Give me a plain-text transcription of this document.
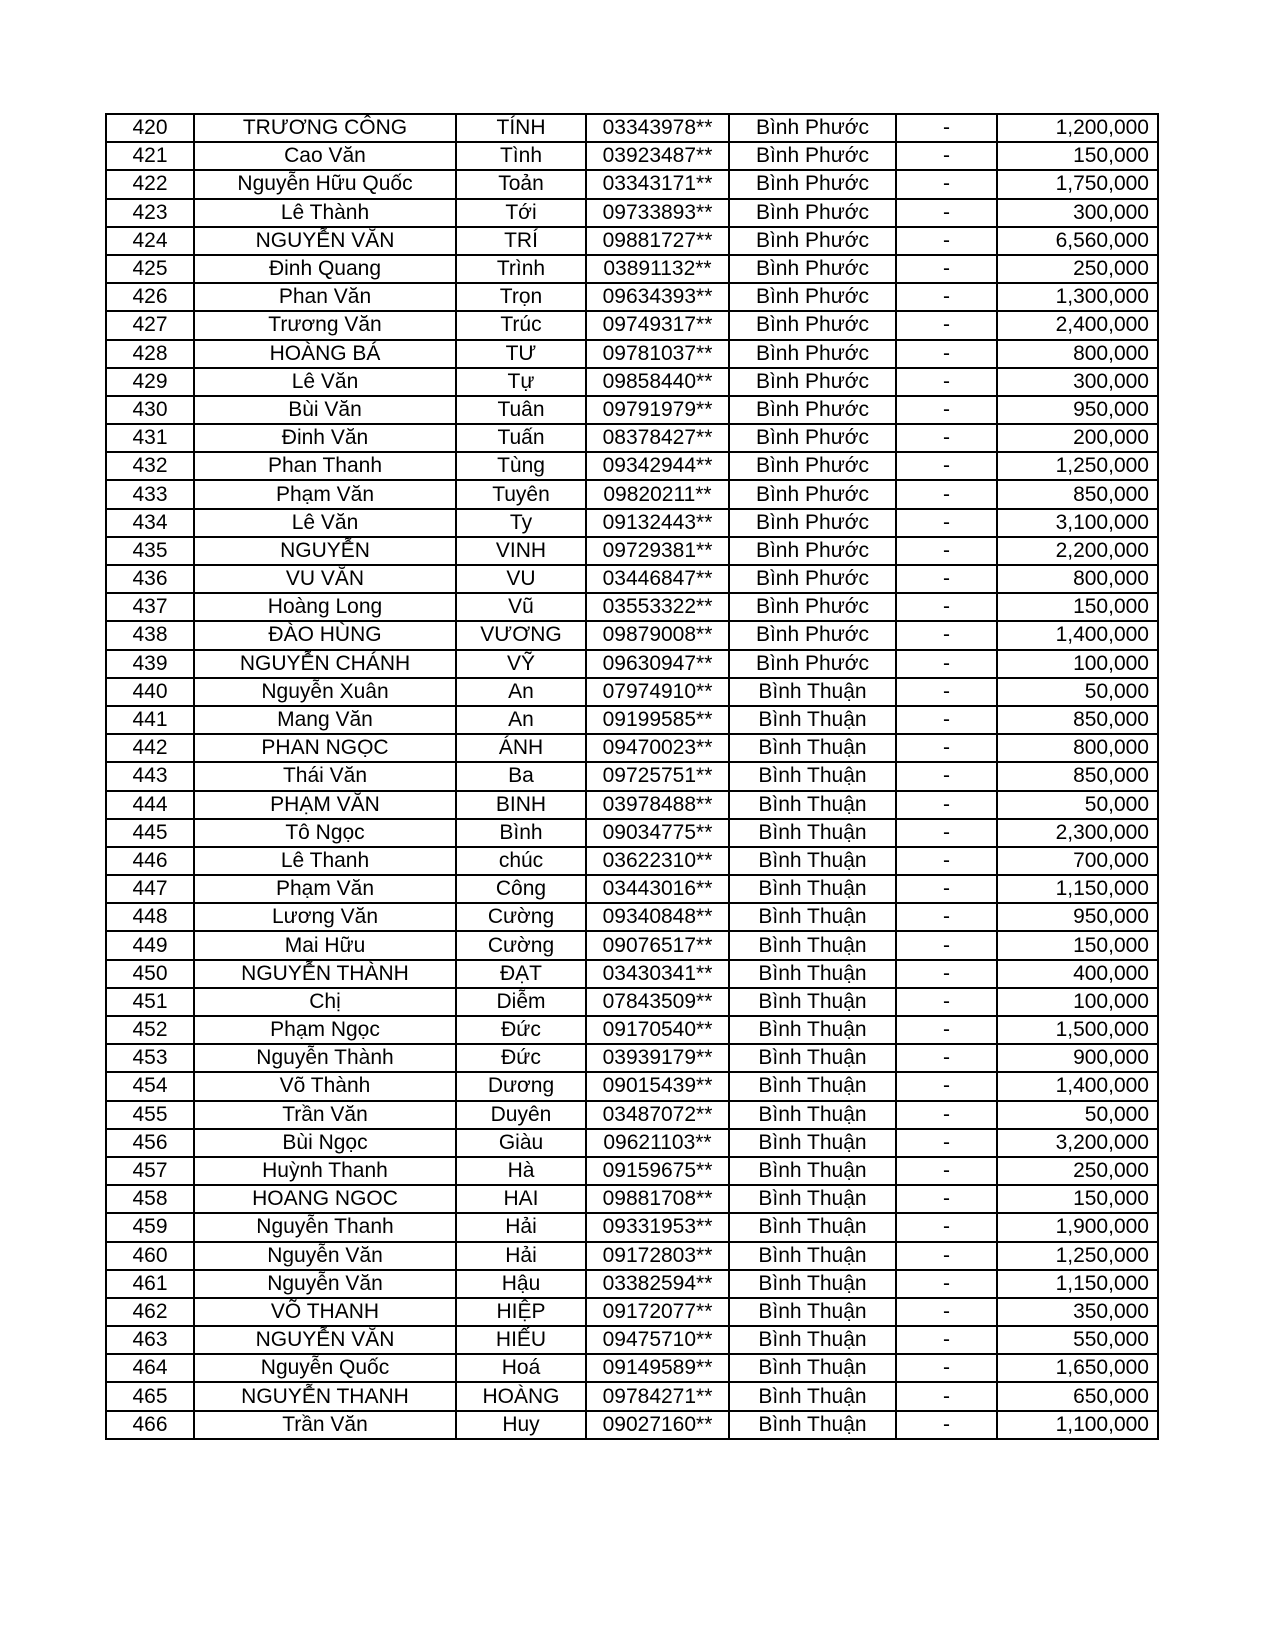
420	TRƯƠNG CÔNG	TÍNH	03343978**	Bình Phước	-	1,200,000
421	Cao Văn	Tình	03923487**	Bình Phước	-	150,000
422	Nguyễn Hữu Quốc	Toản	03343171**	Bình Phước	-	1,750,000
423	Lê Thành	Tới	09733893**	Bình Phước	-	300,000
424	NGUYỄN VĂN	TRÍ	09881727**	Bình Phước	-	6,560,000
425	Đinh Quang	Trình	03891132**	Bình Phước	-	250,000
426	Phan Văn	Trọn	09634393**	Bình Phước	-	1,300,000
427	Trương Văn	Trúc	09749317**	Bình Phước	-	2,400,000
428	HOÀNG BÁ	TƯ	09781037**	Bình Phước	-	800,000
429	Lê Văn	Tự	09858440**	Bình Phước	-	300,000
430	Bùi Văn	Tuân	09791979**	Bình Phước	-	950,000
431	Đinh Văn	Tuấn	08378427**	Bình Phước	-	200,000
432	Phan Thanh	Tùng	09342944**	Bình Phước	-	1,250,000
433	Phạm Văn	Tuyên	09820211**	Bình Phước	-	850,000
434	Lê Văn	Ty	09132443**	Bình Phước	-	3,100,000
435	NGUYỄN	VINH	09729381**	Bình Phước	-	2,200,000
436	VU VĂN	VU	03446847**	Bình Phước	-	800,000
437	Hoàng Long	Vũ	03553322**	Bình Phước	-	150,000
438	ĐÀO HÙNG	VƯƠNG	09879008**	Bình Phước	-	1,400,000
439	NGUYỄN CHÁNH	VỸ	09630947**	Bình Phước	-	100,000
440	Nguyễn Xuân	An	07974910**	Bình Thuận	-	50,000
441	Mang Văn	An	09199585**	Bình Thuận	-	850,000
442	PHAN NGỌC	ÁNH	09470023**	Bình Thuận	-	800,000
443	Thái Văn	Ba	09725751**	Bình Thuận	-	850,000
444	PHẠM VĂN	BINH	03978488**	Bình Thuận	-	50,000
445	Tô Ngọc	Bình	09034775**	Bình Thuận	-	2,300,000
446	Lê Thanh	chúc	03622310**	Bình Thuận	-	700,000
447	Phạm Văn	Công	03443016**	Bình Thuận	-	1,150,000
448	Lương Văn	Cường	09340848**	Bình Thuận	-	950,000
449	Mai Hữu	Cường	09076517**	Bình Thuận	-	150,000
450	NGUYỄN THÀNH	ĐẠT	03430341**	Bình Thuận	-	400,000
451	Chị	Diễm	07843509**	Bình Thuận	-	100,000
452	Phạm Ngọc	Đức	09170540**	Bình Thuận	-	1,500,000
453	Nguyễn Thành	Đức	03939179**	Bình Thuận	-	900,000
454	Võ Thành	Dương	09015439**	Bình Thuận	-	1,400,000
455	Trần Văn	Duyên	03487072**	Bình Thuận	-	50,000
456	Bùi Ngọc	Giàu	09621103**	Bình Thuận	-	3,200,000
457	Huỳnh Thanh	Hà	09159675**	Bình Thuận	-	250,000
458	HOANG NGOC	HAI	09881708**	Bình Thuận	-	150,000
459	Nguyễn Thanh	Hải	09331953**	Bình Thuận	-	1,900,000
460	Nguyễn Văn	Hải	09172803**	Bình Thuận	-	1,250,000
461	Nguyễn Văn	Hậu	03382594**	Bình Thuận	-	1,150,000
462	VÕ THANH	HIỆP	09172077**	Bình Thuận	-	350,000
463	NGUYỄN VĂN	HIẾU	09475710**	Bình Thuận	-	550,000
464	Nguyễn Quốc	Hoá	09149589**	Bình Thuận	-	1,650,000
465	NGUYỄN THANH	HOÀNG	09784271**	Bình Thuận	-	650,000
466	Trần Văn	Huy	09027160**	Bình Thuận	-	1,100,000
